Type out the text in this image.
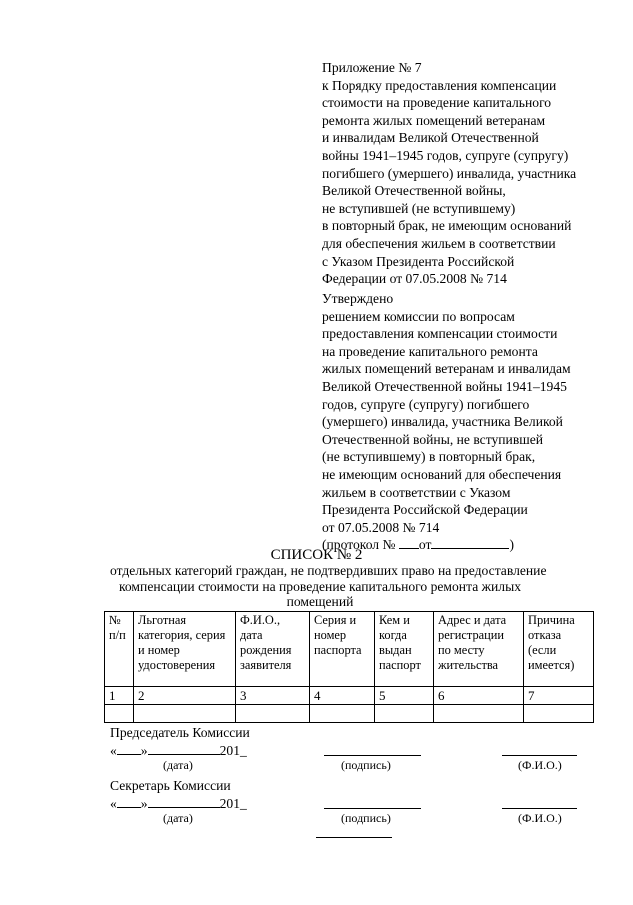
Приложение № 7
к Порядку предоставления компенсации
стоимости на проведение капитального
ремонта жилых помещений ветеранам
и инвалидам Великой Отечественной
войны 1941–1945 годов, супруге (супругу)
погибшего (умершего) инвалида, участника
Великой Отечественной войны,
не вступившей (не вступившему)
в повторный брак, не имеющим оснований
для обеспечения жильем в соответствии
с Указом Президента Российской
Федерации от 07.05.2008 № 714
Утверждено
решением комиссии по вопросам
предоставления компенсации стоимости
на проведение капитального ремонта
жилых помещений ветеранам и инвалидам
Великой Отечественной войны 1941–1945
годов, супруге (супругу) погибшего
(умершего) инвалида, участника Великой
Отечественной войны, не вступившей
(не вступившему) в повторный брак,
не имеющим оснований для обеспечения
жильем в соответствии с Указом
Президента Российской Федерации
от 07.05.2008 № 714
(протокол № от	)
СПИСОК № 2
отдельных категорий граждан, не подтвердивших право на предоставление
компенсации стоимости на проведение капитального ремонта жилых
помещений
№ п/п	Льготная категория, серия и номер удостоверения	Ф.И.О., дата рождения заявителя	Серия и номер паспорта	Кем и когда выдан паспорт	Адрес и дата регистрации по месту жительства	Причина отказа (если имеется)
1	2	3	4	5	6	7

Председатель Комиссии
« »	201_
(дата)	(подпись)	(Ф.И.О.)
Секретарь Комиссии
« »	201_
(дата)	(подпись)	(Ф.И.О.)
